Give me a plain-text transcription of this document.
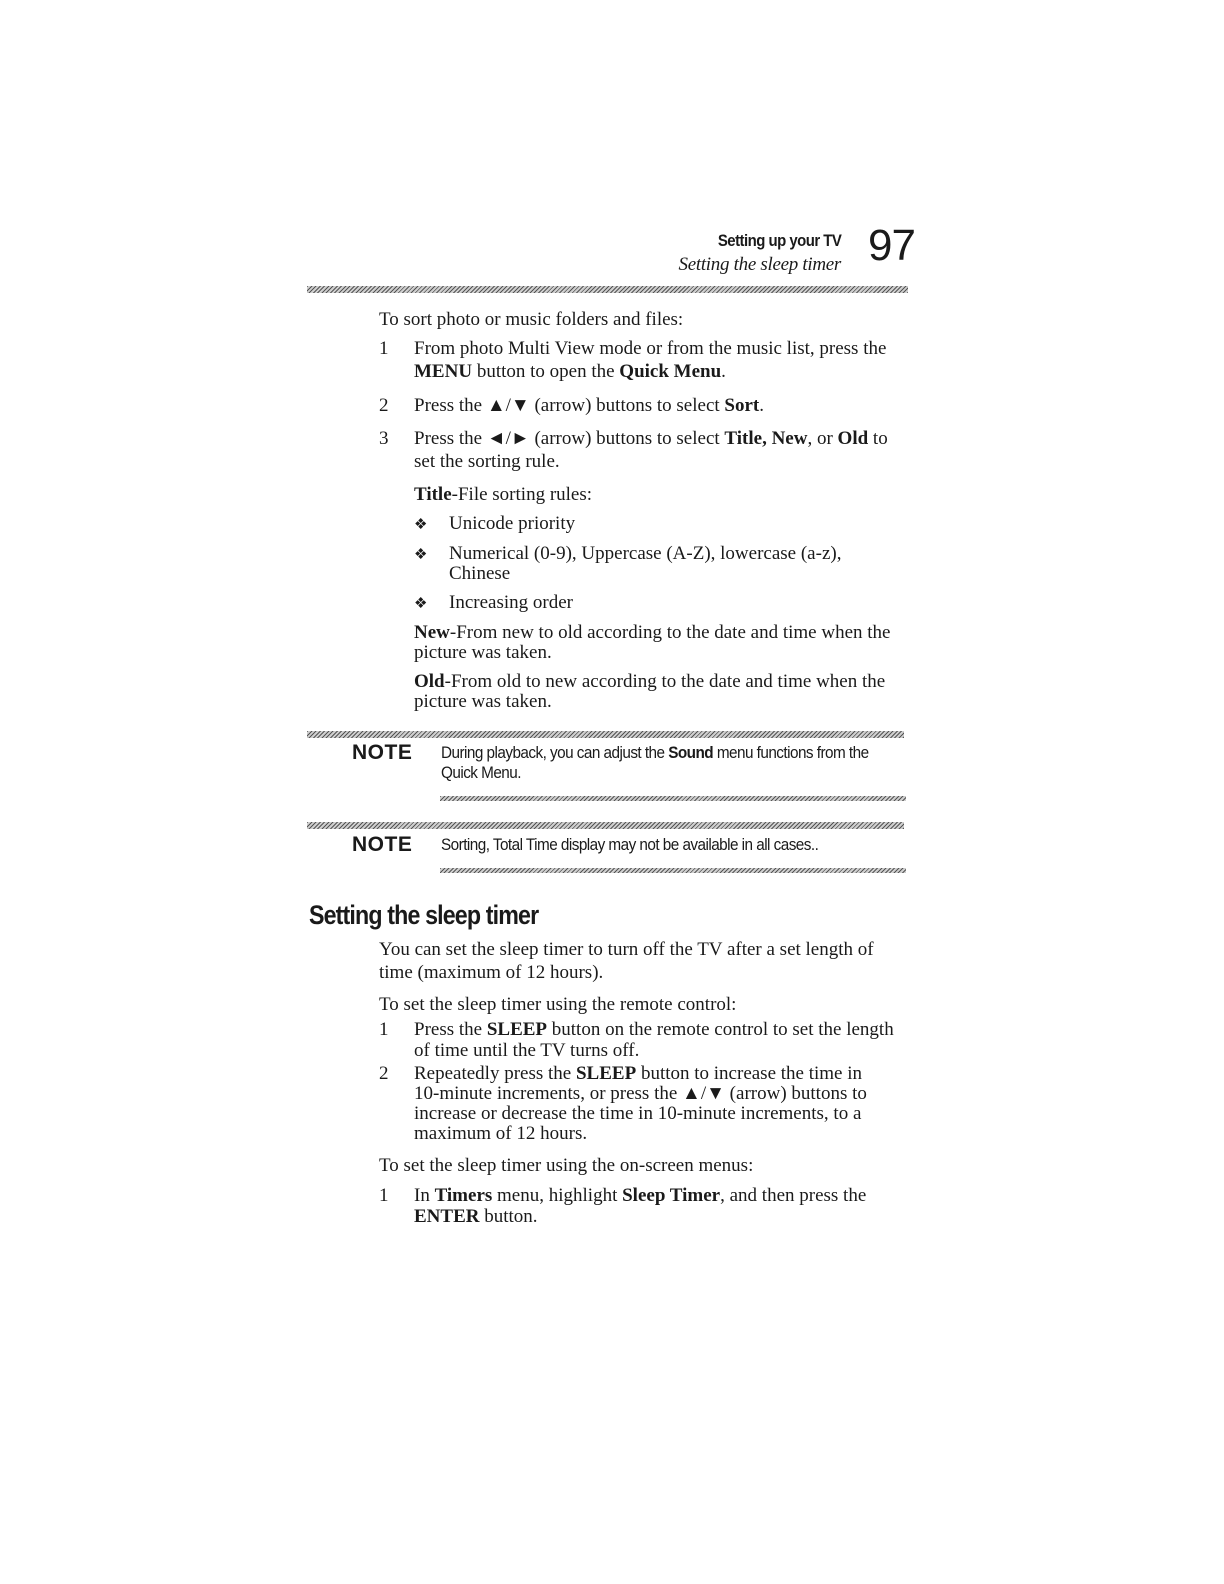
Setting up your TV
Setting the sleep timer 97
To sort photo or music folders and files:
1	From photo Multi View mode or from the music list, press the
MENU button to open the Quick Menu.
2	Press the ▲/▼ (arrow) buttons to select Sort.
3	Press the ◄/► (arrow) buttons to select Title, New, or Old to
set the sorting rule.
Title-File sorting rules:
❖ Unicode priority
❖ Numerical (0-9), Uppercase (A-Z), lowercase (a-z),
Chinese
❖ Increasing order
New-From new to old according to the date and time when the
picture was taken.
Old-From old to new according to the date and time when the
picture was taken.
NOTE During playback, you can adjust the Sound menu functions from the
Quick Menu.
NOTE Sorting, Total Time display may not be available in all cases..
Setting the sleep timer
You can set the sleep timer to turn off the TV after a set length of
time (maximum of 12 hours).
To set the sleep timer using the remote control:
1	Press the SLEEP button on the remote control to set the length
of time until the TV turns off.
2	Repeatedly press the SLEEP button to increase the time in
10-minute increments, or press the ▲/▼ (arrow) buttons to
increase or decrease the time in 10-minute increments, to a
maximum of 12 hours.
To set the sleep timer using the on-screen menus:
1	In Timers menu, highlight Sleep Timer, and then press the
ENTER button.
